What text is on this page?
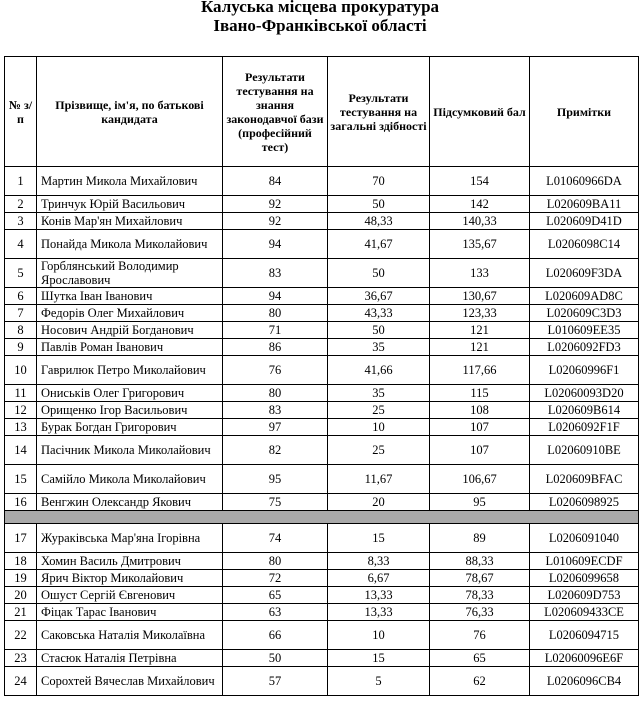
Калуська місцева прокуратура
Івано-Франківської області
№ з/п	Прізвище, ім'я, по батькові кандидата	Результати тестування на знання законодавчої бази (професійний тест)	Результати тестування на загальні здібності	Підсумковий бал	Примітки
1	Мартин Микола Михайлович	84	70	154	L01060966DA
2	Тринчук Юрій Васильович	92	50	142	L020609BA11
3	Конів Мар'ян Михайлович	92	48,33	140,33	L020609D41D
4	Понайда Микола Миколайович	94	41,67	135,67	L0206098C14
5	Горблянський Володимир Ярославович	83	50	133	L020609F3DA
6	Шутка Іван Іванович	94	36,67	130,67	L020609AD8C
7	Федорів Олег Михайлович	80	43,33	123,33	L020609C3D3
8	Носович Андрій Богданович	71	50	121	L010609EE35
9	Павлів Роман Іванович	86	35	121	L0206092FD3
10	Гаврилюк Петро Миколайович	76	41,66	117,66	L02060996F1
11	Ониськів Олег Григорович	80	35	115	L02060093D20
12	Орищенко Ігор Васильович	83	25	108	L020609B614
13	Бурак Богдан Григорович	97	10	107	L0206092F1F
14	Пасічник Микола Миколайович	82	25	107	L02060910BE
15	Самійло Микола Миколайович	95	11,67	106,67	L020609BFAC
16	Венгжин Олександр Якович	75	20	95	L0206098925

17	Жураківська Мар'яна Ігорівна	74	15	89	L0206091040
18	Хомин Василь Дмитрович	80	8,33	88,33	L010609ECDF
19	Ярич Віктор Миколайович	72	6,67	78,67	L0206099658
20	Ошуст Сергій Євгенович	65	13,33	78,33	L020609D753
21	Фіцак Тарас Іванович	63	13,33	76,33	L0206094З3CE
22	Саковська Наталія Миколаївна	66	10	76	L0206094715
23	Стасюк Наталія Петрівна	50	15	65	L02060096E6F
24	Сорохтей Вячеслав Михайлович	57	5	62	L0206096CB4
